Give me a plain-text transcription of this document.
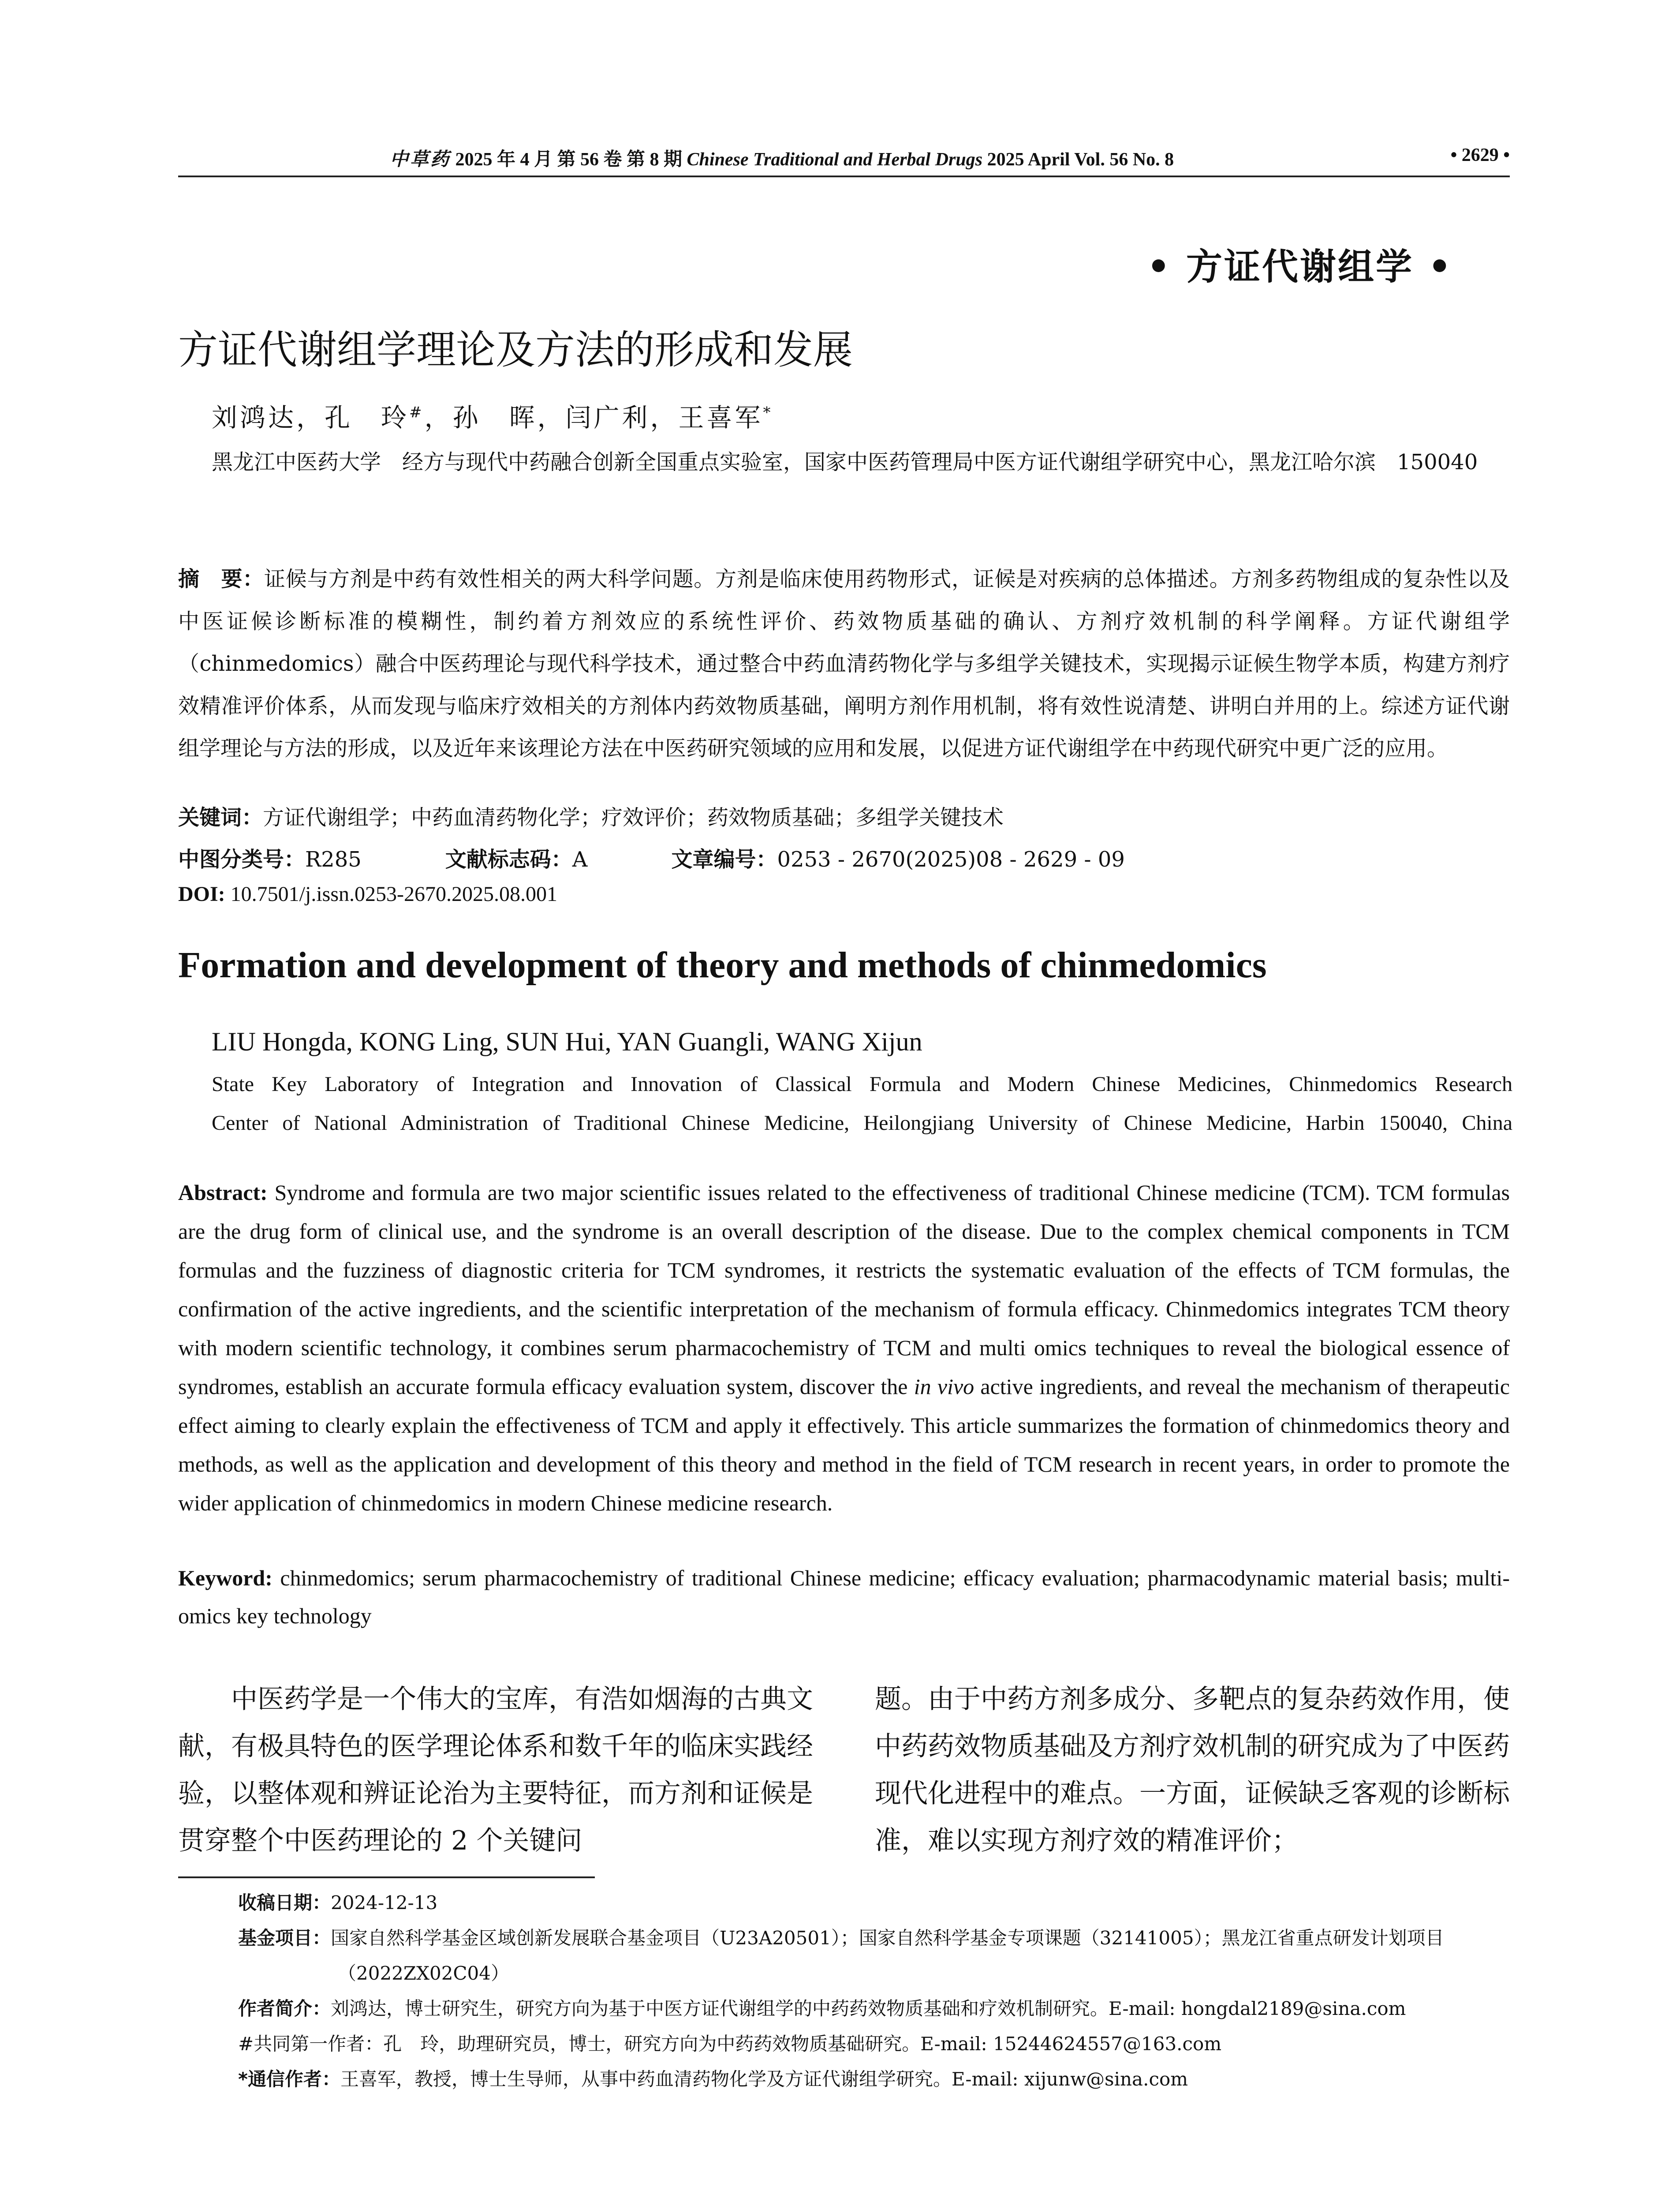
中草药 2025 年 4 月 第 56 卷 第 8 期 Chinese Traditional and Herbal Drugs 2025 April Vol. 56 No. 8	• 2629 •
• 方证代谢组学 •
方证代谢组学理论及方法的形成和发展
刘鸿达，孔　玲#，孙　晖，闫广利，王喜军*
黑龙江中医药大学　经方与现代中药融合创新全国重点实验室，国家中医药管理局中医方证代谢组学研究中心，黑龙江哈尔滨　150040
摘　要：证候与方剂是中药有效性相关的两大科学问题。方剂是临床使用药物形式，证候是对疾病的总体描述。方剂多药物组成的复杂性以及中医证候诊断标准的模糊性，制约着方剂效应的系统性评价、药效物质基础的确认、方剂疗效机制的科学阐释。方证代谢组学（chinmedomics）融合中医药理论与现代科学技术，通过整合中药血清药物化学与多组学关键技术，实现揭示证候生物学本质，构建方剂疗效精准评价体系，从而发现与临床疗效相关的方剂体内药效物质基础，阐明方剂作用机制，将有效性说清楚、讲明白并用的上。综述方证代谢组学理论与方法的形成，以及近年来该理论方法在中医药研究领域的应用和发展，以促进方证代谢组学在中药现代研究中更广泛的应用。
关键词：方证代谢组学；中药血清药物化学；疗效评价；药效物质基础；多组学关键技术
中图分类号：R285	文献标志码：A	文章编号：0253 - 2670(2025)08 - 2629 - 09
DOI: 10.7501/j.issn.0253-2670.2025.08.001
Formation and development of theory and methods of chinmedomics
LIU Hongda, KONG Ling, SUN Hui, YAN Guangli, WANG Xijun
State Key Laboratory of Integration and Innovation of Classical Formula and Modern Chinese Medicines, Chinmedomics Research
Center of National Administration of Traditional Chinese Medicine, Heilongjiang University of Chinese Medicine, Harbin 150040, China
Abstract: Syndrome and formula are two major scientific issues related to the effectiveness of traditional Chinese medicine (TCM). TCM formulas are the drug form of clinical use, and the syndrome is an overall description of the disease. Due to the complex chemical components in TCM formulas and the fuzziness of diagnostic criteria for TCM syndromes, it restricts the systematic evaluation of the effects of TCM formulas, the confirmation of the active ingredients, and the scientific interpretation of the mechanism of formula efficacy. Chinmedomics integrates TCM theory with modern scientific technology, it combines serum pharmacochemistry of TCM and multi omics techniques to reveal the biological essence of syndromes, establish an accurate formula efficacy evaluation system, discover the in vivo active ingredients, and reveal the mechanism of therapeutic effect aiming to clearly explain the effectiveness of TCM and apply it effectively. This article summarizes the formation of chinmedomics theory and methods, as well as the application and development of this theory and method in the field of TCM research in recent years, in order to promote the wider application of chinmedomics in modern Chinese medicine research.
Keyword: chinmedomics; serum pharmacochemistry of traditional Chinese medicine; efficacy evaluation; pharmacodynamic material basis; multi-omics key technology
中医药学是一个伟大的宝库，有浩如烟海的古典文献，有极具特色的医学理论体系和数千年的临床实践经验，以整体观和辨证论治为主要特征，而方剂和证候是贯穿整个中医药理论的 2 个关键问
题。由于中药方剂多成分、多靶点的复杂药效作用，使中药药效物质基础及方剂疗效机制的研究成为了中医药现代化进程中的难点。一方面，证候缺乏客观的诊断标准，难以实现方剂疗效的精准评价；

收稿日期：2024-12-13

基金项目：国家自然科学基金区域创新发展联合基金项目（U23A20501）；国家自然科学基金专项课题（32141005）；黑龙江省重点研发计划项目（2022ZX02C04）

作者简介：刘鸿达，博士研究生，研究方向为基于中医方证代谢组学的中药药效物质基础和疗效机制研究。E-mail: hongdal2189@sina.com

#共同第一作者：孔　玲，助理研究员，博士，研究方向为中药药效物质基础研究。E-mail: 15244624557@163.com

*通信作者：王喜军，教授，博士生导师，从事中药血清药物化学及方证代谢组学研究。E-mail: xijunw@sina.com
